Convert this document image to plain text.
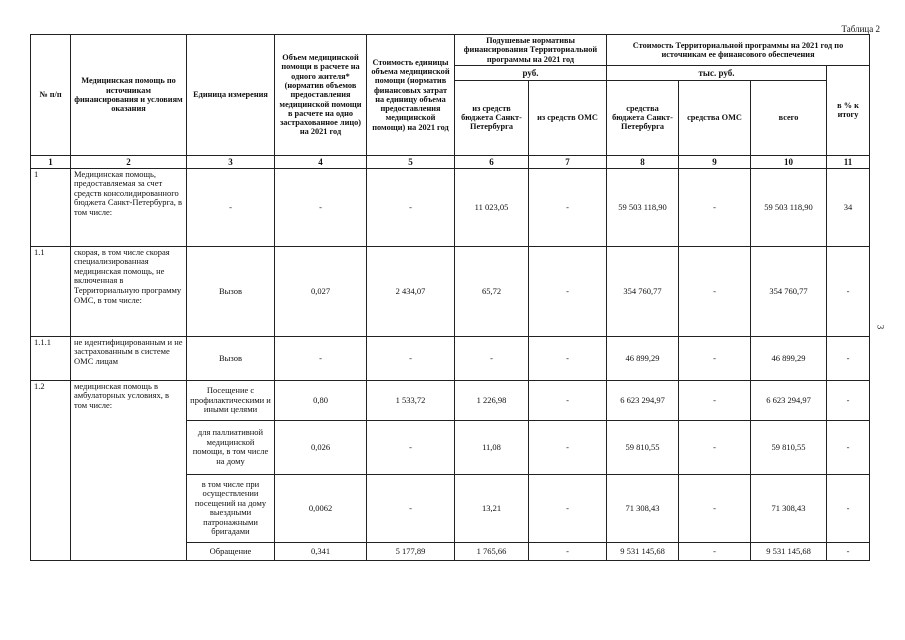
Таблица 2
3
№ п/п	Медицинская помощь по источникам финансирования и условиям оказания	Единица измерения	Объем медицинской помощи в расчете на одного жителя* (норматив объемов предоставления медицинской помощи в расчете на одно застрахованное лицо) на 2021 год	Стоимость единицы объема медицинской помощи (норматив финансовых затрат на единицу объема предоставления медицинской помощи) на 2021 год	Подушевые нормативы финансирования Территориальной программы на 2021 год		Стоимость Территориальной программы на 2021 год по источникам ее финансового обеспечения			
					руб.		тыс. руб.			в % к итогу
					из средств бюджета Санкт-Петербурга	из средств ОМС	средства бюджета Санкт-Петербурга	средства ОМС	всего	
1	2	3	4	5	6	7	8	9	10	11
1	Медицинская помощь, предоставляемая за счет средств консолидированного бюджета Санкт-Петербурга, в том числе:	-	-	-	11 023,05	-	59 503 118,90	-	59 503 118,90	34
1.1	скорая, в том числе скорая специализированная медицинская помощь, не включенная в Территориальную программу ОМС, в том числе:	Вызов	0,027	2 434,07	65,72	-	354 760,77	-	354 760,77	-
1.1.1	не идентифицированным и не застрахованным в системе ОМС лицам	Вызов	-	-	-	-	46 899,29	-	46 899,29	-
1.2	медицинская помощь в амбулаторных условиях, в том числе:	Посещение с профилактическими и иными целями	0,80	1 533,72	1 226,98	-	6 623 294,97	-	6 623 294,97	-
		для паллиативной медицинской помощи, в том числе на дому	0,026	-	11,08	-	59 810,55	-	59 810,55	-
		в том числе при осуществлении посещений на дому выездными патронажными бригадами	0,0062	-	13,21	-	71 308,43	-	71 308,43	-
		Обращение	0,341	5 177,89	1 765,66	-	9 531 145,68	-	9 531 145,68	-
